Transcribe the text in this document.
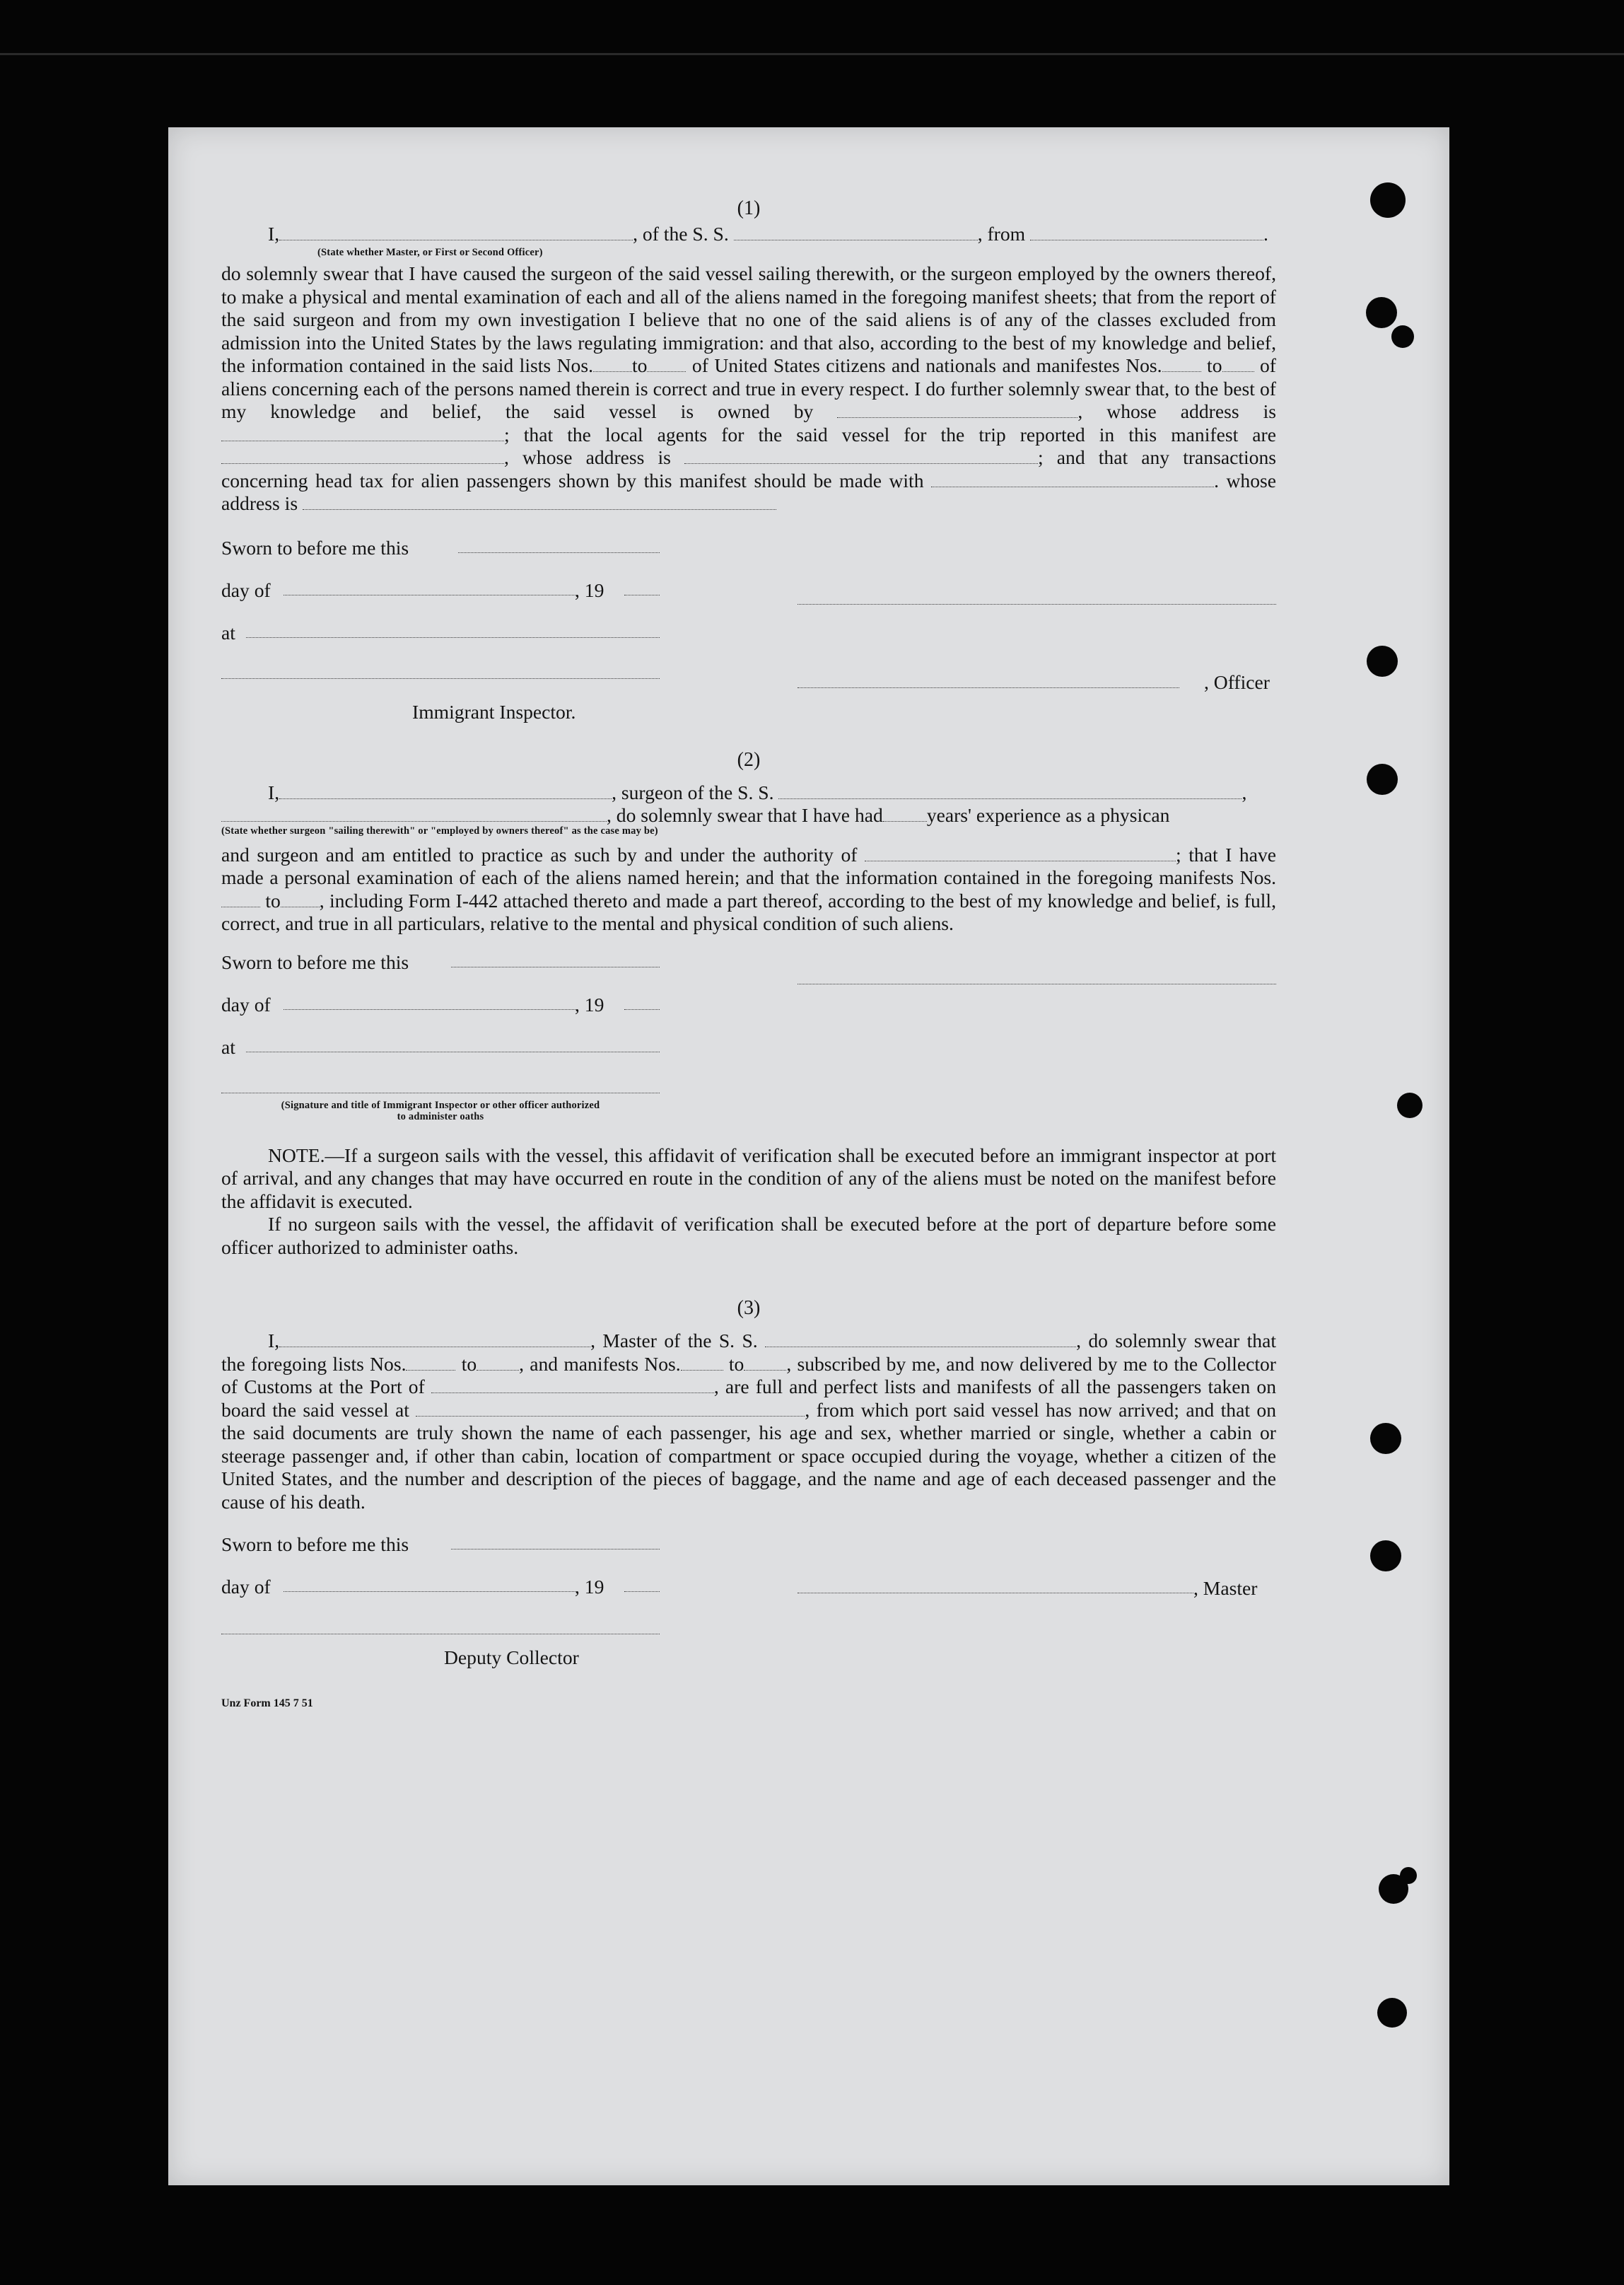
(1)

I,	, of the S. S.	, from	.

(State whether Master, or First or Second Officer)

do solemnly swear that I have caused the surgeon of the said vessel sailing therewith, or the surgeon employed by the owners thereof, to make a physical and mental examination of each and all of the aliens named in the foregoing manifest sheets; that from the report of the said surgeon and from my own investigation I believe that no one of the said aliens is of any of the classes excluded from admission into the United States by the laws regulating immigration: and that also, according to the best of my knowledge and belief, the information contained in the said lists Nos. to of United States citizens and nationals and manifestes Nos. to of aliens concerning each of the persons named therein is correct and true in every respect. I do further solemnly swear that, to the best of my knowledge and belief, the said vessel is owned by	, whose address is ; that the local agents for the said vessel for the trip reported in this manifest are , whose address is	; and that any transactions concerning head tax for alien passengers shown by this manifest should be made with	. whose address is

Sworn to before me this
day of	, 19
at
, Officer
Immigrant Inspector.
(2)

I,	, surgeon of the S. S.	,

, do solemnly swear that I have had years' experience as a physican

(State whether surgeon "sailing therewith" or "employed by owners thereof" as the case may be)

and surgeon and am entitled to practice as such by and under the authority of	; that I have made a personal examination of each of the aliens named herein; and that the information contained in the foregoing manifests Nos. to , including Form I-442 attached thereto and made a part thereof, according to the best of my knowledge and belief, is full, correct, and true in all particulars, relative to the mental and physical condition of such aliens.

Sworn to before me this
day of	, 19
at
(Signature and title of Immigrant Inspector or other officer authorized to administer oaths

NOTE.—If a surgeon sails with the vessel, this affidavit of verification shall be executed before an immigrant inspector at port of arrival, and any changes that may have occurred en route in the condition of any of the aliens must be noted on the manifest before the affidavit is executed.

If no surgeon sails with the vessel, the affidavit of verification shall be executed before at the port of departure before some officer authorized to administer oaths.

(3)

I,	, Master of the S. S.	, do solemnly swear that the foregoing lists Nos.	to , and manifests Nos. to , subscribed by me, and now delivered by me to the Collector of Customs at the Port of	, are full and perfect lists and manifests of all the passengers taken on board the said vessel at	, from which port said vessel has now arrived; and that on the said documents are truly shown the name of each passenger, his age and sex, whether married or single, whether a cabin or steerage passenger and, if other than cabin, location of compartment or space occupied during the voyage, whether a citizen of the United States, and the number and description of the pieces of baggage, and the name and age of each deceased passenger and the cause of his death.

Sworn to before me this
day of	, 19	, Master
Deputy Collector
Unz Form 145 7 51
